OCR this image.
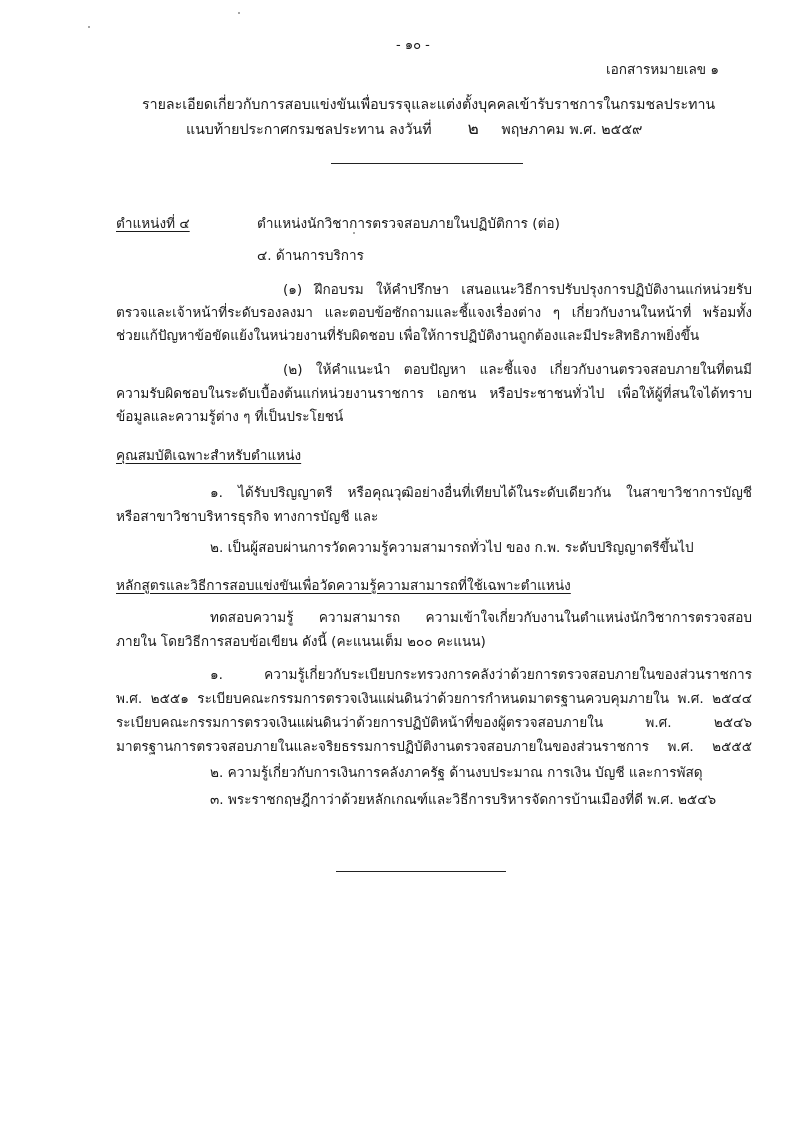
- ๑๐ -
เอกสารหมายเลข ๑
รายละเอียดเกี่ยวกับการสอบแข่งขันเพื่อบรรจุและแต่งตั้งบุคคลเข้ารับราชการในกรมชลประทาน
แนบท้ายประกาศกรมชลประทาน ลงวันที่ ๒ พฤษภาคม พ.ศ. ๒๕๕๙
ตำแหน่งที่ ๔	ตำแหน่งนักวิชาการตรวจสอบภายในปฏิบัติการ (ต่อ)
๔. ด้านการบริการ
(๑) ฝึกอบรม ให้คำปรึกษา เสนอแนะวิธีการปรับปรุงการปฏิบัติงานแก่หน่วยรับ
ตรวจและเจ้าหน้าที่ระดับรองลงมา และตอบข้อซักถามและชี้แจงเรื่องต่าง ๆ เกี่ยวกับงานในหน้าที่ พร้อมทั้ง
ช่วยแก้ปัญหาข้อขัดแย้งในหน่วยงานที่รับผิดชอบ เพื่อให้การปฏิบัติงานถูกต้องและมีประสิทธิภาพยิ่งขึ้น
(๒) ให้คำแนะนำ ตอบปัญหา และชี้แจง เกี่ยวกับงานตรวจสอบภายในที่ตนมี
ความรับผิดชอบในระดับเบื้องต้นแก่หน่วยงานราชการ เอกชน หรือประชาชนทั่วไป เพื่อให้ผู้ที่สนใจได้ทราบ
ข้อมูลและความรู้ต่าง ๆ ที่เป็นประโยชน์
คุณสมบัติเฉพาะสำหรับตำแหน่ง
๑. ได้รับปริญญาตรี หรือคุณวุฒิอย่างอื่นที่เทียบได้ในระดับเดียวกัน ในสาขาวิชาการบัญชี
หรือสาขาวิชาบริหารธุรกิจ ทางการบัญชี และ
๒. เป็นผู้สอบผ่านการวัดความรู้ความสามารถทั่วไป ของ ก.พ. ระดับปริญญาตรีขึ้นไป
หลักสูตรและวิธีการสอบแข่งขันเพื่อวัดความรู้ความสามารถที่ใช้เฉพาะตำแหน่ง
ทดสอบความรู้ ความสามารถ ความเข้าใจเกี่ยวกับงานในตำแหน่งนักวิชาการตรวจสอบ
ภายใน โดยวิธีการสอบข้อเขียน ดังนี้ (คะแนนเต็ม ๒๐๐ คะแนน)
๑. ความรู้เกี่ยวกับระเบียบกระทรวงการคลังว่าด้วยการตรวจสอบภายในของส่วนราชการ
พ.ศ. ๒๕๕๑ ระเบียบคณะกรรมการตรวจเงินแผ่นดินว่าด้วยการกำหนดมาตรฐานควบคุมภายใน พ.ศ. ๒๕๔๔
ระเบียบคณะกรรมการตรวจเงินแผ่นดินว่าด้วยการปฏิบัติหน้าที่ของผู้ตรวจสอบภายใน พ.ศ. ๒๕๔๖
มาตรฐานการตรวจสอบภายในและจริยธรรมการปฏิบัติงานตรวจสอบภายในของส่วนราชการ พ.ศ. ๒๕๕๕
๒. ความรู้เกี่ยวกับการเงินการคลังภาครัฐ ด้านงบประมาณ การเงิน บัญชี และการพัสดุ
๓. พระราชกฤษฎีกาว่าด้วยหลักเกณฑ์และวิธีการบริหารจัดการบ้านเมืองที่ดี พ.ศ. ๒๕๔๖
